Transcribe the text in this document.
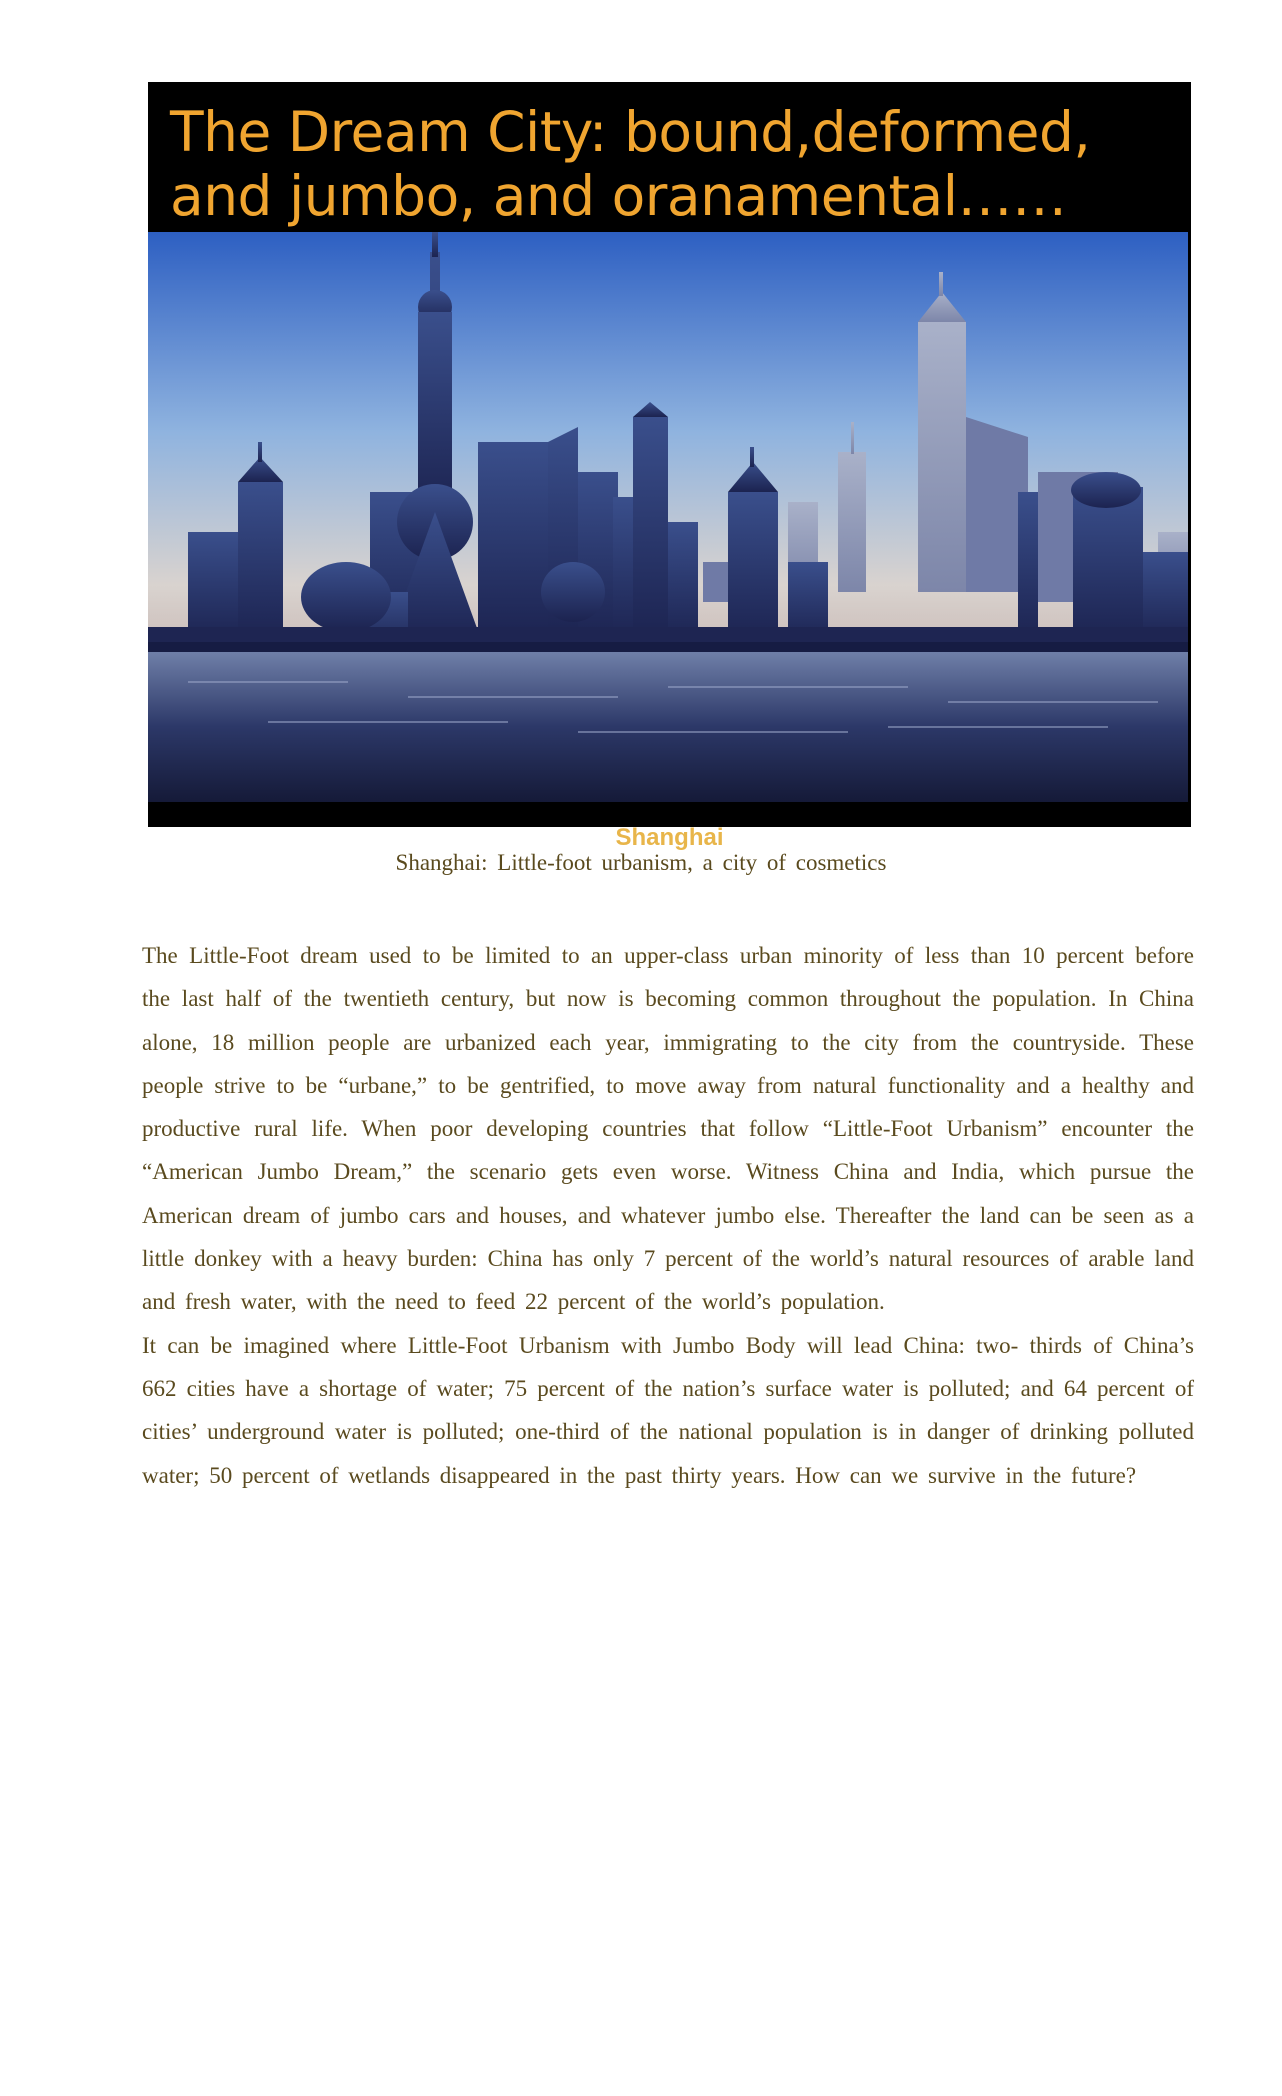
The Dream City: bound,deformed,
and jumbo, and oranamental……
Shanghai
Shanghai: Little-foot urbanism, a city of cosmetics

The Little-Foot dream used to be limited to an upper-class urban minority of less than 10 percent before the last half of the twentieth century, but now is becoming common throughout the population. In China alone, 18 million people are urbanized each year, immigrating to the city from the countryside. These people strive to be “urbane,” to be gentrified, to move away from natural functionality and a healthy and productive rural life. When poor developing countries that follow “Little-Foot Urbanism” encounter the “American Jumbo Dream,” the scenario gets even worse. Witness China and India, which pursue the American dream of jumbo cars and houses, and whatever jumbo else. Thereafter the land can be seen as a little donkey with a heavy burden: China has only 7 percent of the world’s natural resources of arable land and fresh water, with the need to feed 22 percent of the world’s population.

It can be imagined where Little-Foot Urbanism with Jumbo Body will lead China: two- thirds of China’s 662 cities have a shortage of water; 75 percent of the nation’s surface water is polluted; and 64 percent of cities’ underground water is polluted; one-third of the national population is in danger of drinking polluted water; 50 percent of wetlands disappeared in the past thirty years. How can we survive in the future?
